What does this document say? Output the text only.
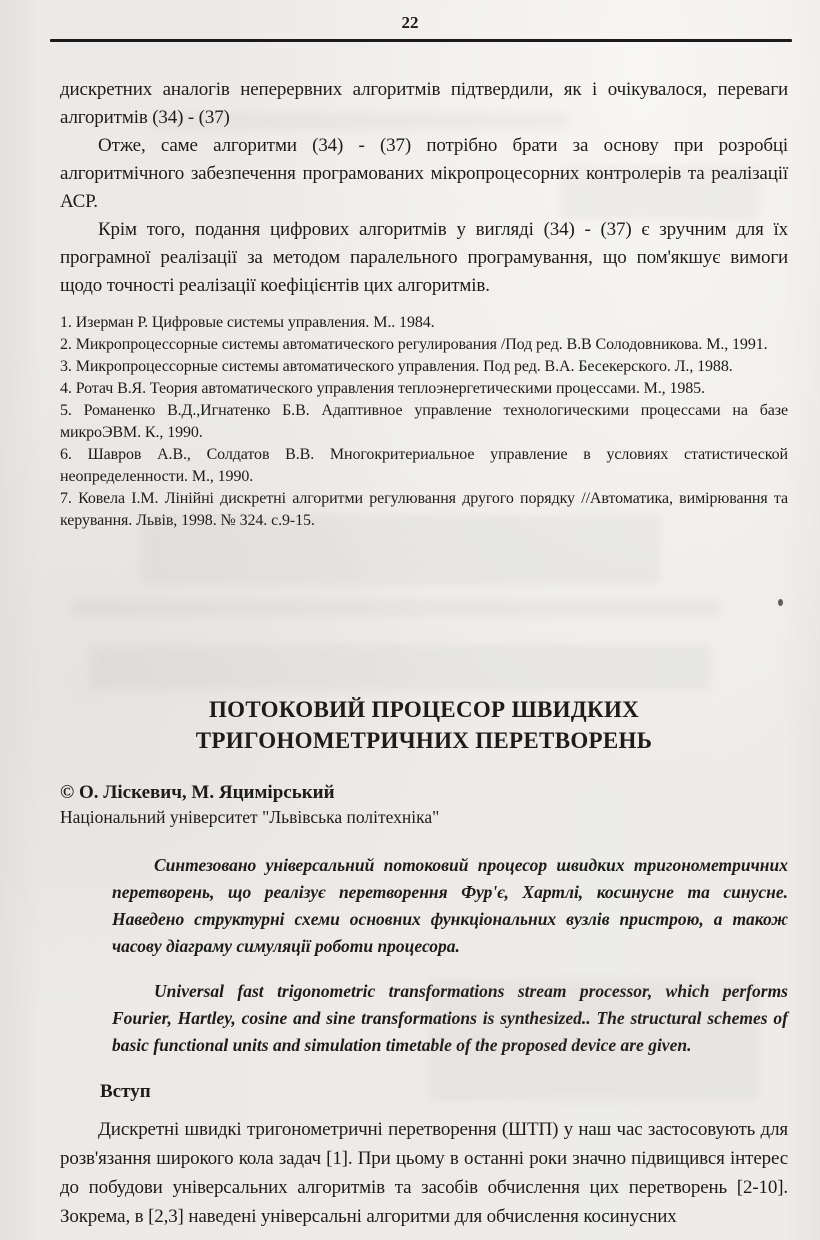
22

дискретних аналогів неперервних алгоритмів підтвердили, як і очікувалося, переваги алгоритмів (34) - (37)

Отже, саме алгоритми (34) - (37) потрібно брати за основу при розробці алгоритмічного забезпечення програмованих мікропроцесорних контролерів та реалізації АСР.

Крім того, подання цифрових алгоритмів у вигляді (34) - (37) є зручним для їх програмної реалізації за методом паралельного програмування, що пом'якшує вимоги щодо точності реалізації коефіцієнтів цих алгоритмів.

1. Изерман Р. Цифровые системы управления. М.. 1984.
2. Микропроцессорные системы автоматического регулирования /Под ред. В.В Солодовникова. М., 1991.
3. Микропроцессорные системы автоматического управления. Под ред. В.А. Бесекерского. Л., 1988.
4. Ротач В.Я. Теория автоматического управления теплоэнергетическими процессами. М., 1985.
5. Романенко В.Д.,Игнатенко Б.В. Адаптивное управление технологическими процессами на базе микроЭВМ. К., 1990.
6. Шавров А.В., Солдатов В.В. Многокритериальное управление в условиях статистической неопределенности. М., 1990.
7. Ковела І.М. Лінійні дискретні алгоритми регулювання другого порядку //Автоматика, вимірювання та керування. Львів, 1998. № 324. с.9-15.
ПОТОКОВИЙ ПРОЦЕСОР ШВИДКИХ ТРИГОНОМЕТРИЧНИХ ПЕРЕТВОРЕНЬ
© О. Ліскевич, М. Яцимірський
Національний університет "Львівська політехніка"

Синтезовано універсальний потоковий процесор швидких тригонометричних перетворень, що реалізує перетворення Фур'є, Хартлі, косинусне та синусне. Наведено структурні схеми основних функціональних вузлів пристрою, а також часову діаграму симуляції роботи процесора.

Universal fast trigonometric transformations stream processor, which performs Fourier, Hartley, cosine and sine transformations is synthesized.. The structural schemes of basic functional units and simulation timetable of the proposed device are given.

Вступ

Дискретні швидкі тригонометричні перетворення (ШТП) у наш час застосовують для розв'язання широкого кола задач [1]. При цьому в останні роки значно підвищився інтерес до побудови універсальних алгоритмів та засобів обчислення цих перетворень [2-10]. Зокрема, в [2,3] наведені універсальні алгоритми для обчислення косинусних
